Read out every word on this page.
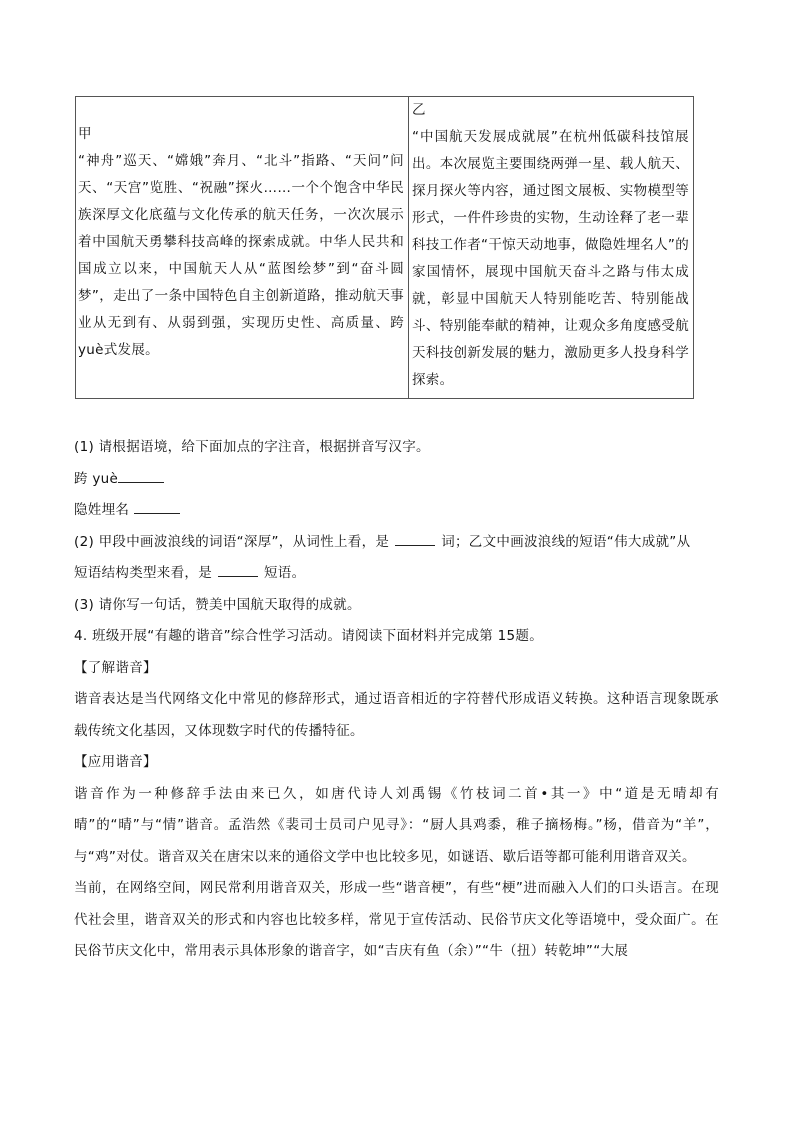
甲
“神舟”巡天、“嫦娥”奔月、“北斗”指路、“天问”问天、“天宫”览胜、“祝融”探火……一个个饱含中华民族深厚文化底蕴与文化传承的航天任务，一次次展示着中国航天勇攀科技高峰的探索成就。中华人民共和国成立以来，中国航天人从“蓝图绘梦”到“奋斗圆梦”，走出了一条中国特色自主创新道路，推动航天事业从无到有、从弱到强，实现历史性、高质量、跨 yuè式发展。
乙
“中国航天发展成就展”在杭州低碳科技馆展出。本次展览主要围绕两弹一星、载人航天、探月探火等内容，通过图文展板、实物模型等形式，一件件珍贵的实物，生动诠释了老一辈科技工作者“干惊天动地事，做隐姓埋名人”的家国情怀，展现中国航天奋斗之路与伟太成就，彰显中国航天人特别能吃苦、特别能战斗、特别能奉献的精神，让观众多角度感受航天科技创新发展的魅力，激励更多人投身科学探索。
(1) 请根据语境，给下面加点的字注音，根据拼音写汉字。
跨 yuè
隐姓埋名
(2) 甲段中画波浪线的词语“深厚”，从词性上看，是	词；乙文中画波浪线的短语“伟大成就”从
短语结构类型来看，是	短语。
(3) 请你写一句话，赞美中国航天取得的成就。
4. 班级开展“有趣的谐音”综合性学习活动。请阅读下面材料并完成第 15题。
【了解谐音】
谐音表达是当代网络文化中常见的修辞形式，通过语音相近的字符替代形成语义转换。这种语言现象既承载传统文化基因，又体现数字时代的传播特征。
【应用谐音】
谐音作为一种修辞手法由来已久，如唐代诗人刘禹锡《竹枝词二首•其一》中“道是无晴却有晴”的“晴”与“情”谐音。孟浩然《裴司士员司户见寻》：“厨人具鸡黍，稚子摘杨梅。”杨，借音为“羊”，与“鸡”对仗。谐音双关在唐宋以来的通俗文学中也比较多见，如谜语、歇后语等都可能利用谐音双关。
当前，在网络空间，网民常利用谐音双关，形成一些“谐音梗”，有些“梗”进而融入人们的口头语言。在现代社会里，谐音双关的形式和内容也比较多样，常见于宣传活动、民俗节庆文化等语境中，受众面广。在民俗节庆文化中，常用表示具体形象的谐音字，如“吉庆有鱼（余）”“牛（扭）转乾坤”“大展
